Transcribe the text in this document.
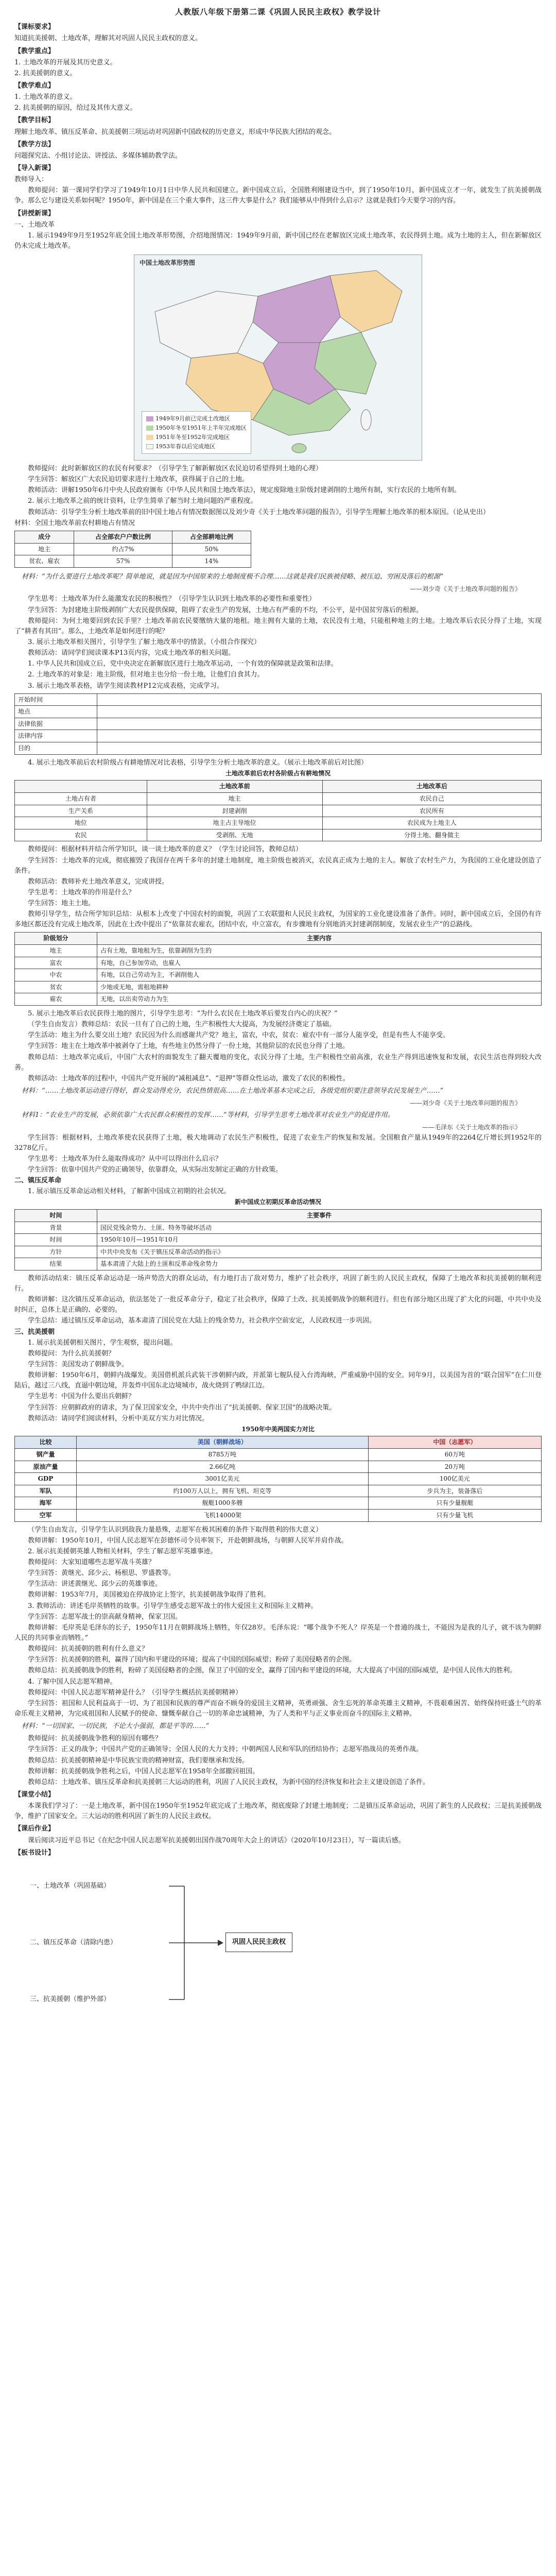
人教版八年级下册第二课《巩固人民民主政权》教学设计
【课标要求】
知道抗美援朝、土地改革，理解其对巩固人民民主政权的意义。
【教学重点】
1. 土地改革的开展及其历史意义。
2. 抗美援朝的意义。
【教学难点】
1. 土地改革的意义。
2. 抗美援朝的原因，给过及其伟大意义。
【教学目标】
理解土地改革、镇压反革命、抗美援朝三项运动对巩固新中国政权的历史意义，形成中华民族大团结的观念。
【教学方法】
问题探究法、小组讨论法、讲授法、多媒体辅助教学法。
【导入新课】
教师导入：
教师提问：第一课同学们学习了1949年10月1日中华人民共和国建立。新中国成立后，全国胜利刚建设当中，到了1950年10月，新中国成立才一年，就发生了抗美援朝战争。那么它与建设关系如何呢？1950年，新中国是在三个重大事件，这三件大事是什么？我们能够从中得到什么启示？这就是我们今天要学习的内容。
【讲授新课】
一、土地改革
1. 展示1949年9月至1952年底全国土地改革形势图，介绍地图情况：1949年9月前，新中国已经在老解放区完成土地改革，农民得到土地。成为土地的主人，但在新解放区仍未完成土地改革。
中国土地改革形势图
1949年9月前已完成土改地区
1950年冬至1951年上半年完成地区
1951年冬至1952年完成地区
1953年春以后完成地区
教师提问：此时新解放区的农民有何要求？（引导学生了解新解放区农民迫切希望得到土地的心理）
学生回答：解放区广大农民迫切要求进行土地改革，获得属于自己的土地。
教师活动：讲解1950年6月中央人民政府颁布《中华人民共和国土地改革法》，规定废除地主阶级封建剥削的土地所有制，实行农民的土地所有制。
2. 展示土地改革之前的统计资料，让学生简单了解当时土地问题的严重程度。
教师活动：引导学生分析土地改革前的旧中国土地占有情况数据图以及刘少奇《关于土地改革问题的报告》，引导学生理解土地改革的根本原因。（论从史出）
材料：全国土地改革前农村耕地占有情况
成分	占全部农户户数比例	占全部耕地比例
地主	约占7%	50%
贫农、雇农	57%	14%
材料：“为什么要进行土地改革呢？简单地说，就是因为中国原来的土地制度极不合理……这就是我们民族被侵略、被压迫、穷困及落后的根源”
——刘少奇《关于土地改革问题的报告》
学生思考：土地改革为什么能激发农民的积极性？（引导学生认识到土地改革的必要性和重要性）
学生回答：为封建地主阶级剥削广大农民提供保障，阻碍了农业生产的发展，土地占有严重的不均，不公平，是中国贫穷落后的根源。
教师提问：为何土地要回到农民手里？土地改革前农民要缴纳大量的地租。地主拥有大量的土地，农民没有土地，只能租种地主的土地。土地改革后农民分得了土地，实现了“耕者有其田”。那么，土地改革是如何进行的呢？
3. 展示土地改革相关图片，引导学生了解土地改革中的情景。（小组合作探究）
教师活动：请同学们阅读课本P13页内容，完成土地改革的相关问题。
1. 中华人民共和国成立后，党中央决定在新解放区进行土地改革运动，一个有效的保障就是政策和法律。
2. 土地改革的对象是：地主阶级，但对地主也分给一份土地，让他们自食其力。
3. 展示土地改革表格，请学生阅读教材P12完成表格，完成学习。
开始时间	
地点	
法律依据	
法律内容	
目的	
4. 展示土地改革前后农村阶级占有耕地情况对比表格，引导学生分析土地改革的意义。（展示土地改革前后对比图）
土地改革前后农村各阶级占有耕地情况
	土地改革前	土地改革后
土地占有者	地主	农民自己
生产关系	封建剥削	农民所有
地位	地主占主导地位	农民成为土地主人
农民	受剥削、无地	分得土地、翻身做主
教师提问：根据材料并结合所学知识，谈一谈土地改革的意义？（学生讨论回答，教师总结）
学生回答：土地改革的完成，彻底摧毁了我国存在两千多年的封建土地制度，地主阶级也被消灭，农民真正成为土地的主人。解放了农村生产力，为我国的工业化建设创造了条件。
教师活动：教师补充土地改革意义，完成讲授。
学生思考：土地改革的作用是什么？
学生回答：地主土地。
教师引导学生，结合所学知识总结：从根本上改变了中国农村的面貌，巩固了工农联盟和人民民主政权，为国家的工业化建设准备了条件。同时，新中国成立后，全国仍有许多地区都还没有完成土地改革，因此在土改中提出了“依靠贫农雇农，团结中农，中立富农，有步骤地有分别地消灭封建剥削制度，发展农业生产”的总路线。
阶级划分	主要内容
地主	占有土地，靠地租为生，依靠剥削为生的
富农	有地，自己参加劳动，也雇人
中农	有地，以自己劳动为主，不剥削他人
贫农	少地或无地，需租地耕种
雇农	无地，以出卖劳动力为生
5. 展示土地改革后农民获得土地的图片，引导学生思考：“为什么农民在土地改革后要发自内心的庆祝？”
（学生自由发言）教师总结：农民一旦有了自己的土地，生产积极性大大提高，为发展经济奠定了基础。
学生活动：地主为什么要交出土地？农民因为什么而感谢共产党？地主，富农，中农，贫农：雇农中有一部分人能享受，但是有些人不能享受。
学生回答：地主在土地改革中被剥夺了土地，有些地主仍然分得了一份土地，其他阶层的农民也分得了土地。
教师总结：土地改革完成后，中国广大农村的面貌发生了翻天覆地的变化，农民分得了土地，生产积极性空前高涨，农业生产得到迅速恢复和发展，农民生活也得到较大改善。
教师活动：土地改革的过程中，中国共产党开展的“减租减息”、“退押”等群众性运动，激发了农民的积极性。
材料：“……土地改革运动进行得好，群众发动得充分，农民热情很高……在土地改革基本完成之后，各级党组织要注意领导农民发展生产……”
——刘少奇《关于土地改革问题的报告》
材料1：“农业生产的发展，必须依靠广大农民群众积极性的发挥……”等材料，引导学生思考土地改革对农业生产的促进作用。
——毛泽东《关于土地改革的指示》
学生回答：根据材料，土地改革使农民获得了土地，极大地调动了农民生产积极性，促进了农业生产的恢复和发展。全国粮食产量从1949年的2264亿斤增长到1952年的3278亿斤。
学生思考：土地改革为什么能取得成功？从中可以得出什么启示？
学生回答：依靠中国共产党的正确领导，依靠群众，从实际出发制定正确的方针政策。
二、镇压反革命
1. 展示镇压反革命运动相关材料，了解新中国成立初期的社会状况。
新中国成立初期反革命活动情况
时间	主要事件
背景	国民党残余势力、土匪、特务等破坏活动
时间	1950年10月—1951年10月
方针	中共中央发布《关于镇压反革命活动的指示》
结果	基本肃清了大陆上的土匪和反革命残余势力
教师活动结束：镇压反革命运动是一场声势浩大的群众运动，有力地打击了敌对势力，维护了社会秩序，巩固了新生的人民民主政权，保障了土地改革和抗美援朝的顺利进行。
教师讲解：这次镇压反革命运动，依法惩处了一批反革命分子，稳定了社会秩序，保障了土改、抗美援朝战争的顺利进行。但也有部分地区出现了扩大化的问题，中共中央及时纠正，总体上是正确的、必要的。
学生总结：通过镇压反革命运动，基本肃清了国民党在大陆上的残余势力，社会秩序空前安定，人民政权进一步巩固。
三、抗美援朝
1. 展示抗美援朝相关图片，学生观察，提出问题。
教师提问：为什么抗美援朝？
学生回答：美国发动了朝鲜战争。
教师讲解：1950年6月，朝鲜内战爆发。美国借机派兵武装干涉朝鲜内政，并派第七舰队侵入台湾海峡，严重威胁中国的安全。同年9月，以美国为首的“联合国军”在仁川登陆后，越过三八线，直逼中朝边境，并轰炸中国东北边境城市，战火烧到了鸭绿江边。
学生思考：中国为什么要出兵朝鲜？
学生回答：应朝鲜政府的请求，为了保卫国家安全，中共中央作出了“抗美援朝、保家卫国”的战略决策。
教师活动：请同学们阅读材料，分析中美双方实力对比情况。
1950年中美两国实力对比
比较	美国（朝鲜战场）	中国（志愿军）
钢产量	8785万吨	60万吨
原油产量	2.66亿吨	20万吨
GDP	3001亿美元	100亿美元
军队	约100万人以上，拥有飞机、坦克等	步兵为主，装备落后
海军	舰艇1000多艘	只有少量舰艇
空军	飞机14000架	只有少量飞机
（学生自由发言，引导学生认识到敌我力量悬殊，志愿军在极其困难的条件下取得胜利的伟大意义）
教师讲解：1950年10月，中国人民志愿军在彭德怀司令员率领下，开赴朝鲜战场，与朝鲜人民军并肩作战。
2. 展示抗美援朝英雄人物相关材料，学生了解志愿军英雄事迹。
教师提问：大家知道哪些志愿军战斗英雄？
学生回答：黄继光、邱少云、杨根思、罗盛教等。
学生活动：讲述黄继光、邱少云的英雄事迹。
教师讲解：1953年7月，美国被迫在停战协定上签字，抗美援朝战争取得了胜利。
3. 教师活动：讲述毛岸英牺牲的故事。引导学生感受志愿军战士的伟大爱国主义和国际主义精神。
学生回答：志愿军战士的崇高献身精神，保家卫国。
教师讲解：毛岸英是毛泽东的长子，1950年11月在朝鲜战场上牺牲，年仅28岁。毛泽东说：“哪个战争不死人？岸英是一个普通的战士，不能因为是我的儿子，就不该为朝鲜人民的共同事业而牺牲。”
教师提问：抗美援朝的胜利有什么意义？
学生回答：抗美援朝的胜利，赢得了国内和平建设的环境；提高了中国的国际威望；粉碎了美国侵略者的企图。
教师总结：抗美援朝战争的胜利，粉碎了美国侵略者的企图，保卫了中国的安全，赢得了国内和平建设的环境，大大提高了中国的国际威望，是中国人民伟大的胜利。
4. 了解中国人民志愿军精神。
教师提问：中国人民志愿军精神是什么？（引导学生概括抗美援朝精神）
学生回答：祖国和人民利益高于一切、为了祖国和民族的尊严而奋不顾身的爱国主义精神，英勇顽强、舍生忘死的革命英雄主义精神，不畏艰难困苦、始终保持旺盛士气的革命乐观主义精神，为完成祖国和人民赋予的使命、慷慨奉献自己一切的革命忠诚精神，为了人类和平与正义事业而奋斗的国际主义精神。
材料：“一切国家、一切民族，不论大小强弱，都是平等的……”
教师提问：抗美援朝战争胜利的原因有哪些？
学生回答：正义的战争；中国共产党的正确领导；全国人民的大力支持；中朝两国人民和军队的团结协作；志愿军指战员的英勇作战。
教师总结：抗美援朝精神是中华民族宝贵的精神财富，我们要继承和发扬。
教师讲解：抗美援朝战争胜利之后，中国人民志愿军在1958年全部撤回祖国。
教师总结：土地改革、镇压反革命和抗美援朝三大运动的胜利，巩固了人民民主政权，为新中国的经济恢复和社会主义建设创造了条件。
【课堂小结】
本课我们学习了：一是土地改革，新中国在1950年至1952年底完成了土地改革，彻底废除了封建土地制度；二是镇压反革命运动，巩固了新生的人民政权；三是抗美援朝战争，维护了国家安全。三大运动的胜利巩固了新生的人民民主政权。
【课后作业】
课后阅读习近平总书记《在纪念中国人民志愿军抗美援朝出国作战70周年大会上的讲话》（2020年10月23日），写一篇读后感。
【板书设计】
一、土地改革（巩固基础）
二、镇压反革命（清除内患）
三、抗美援朝（维护外部）
巩固人民民主政权
